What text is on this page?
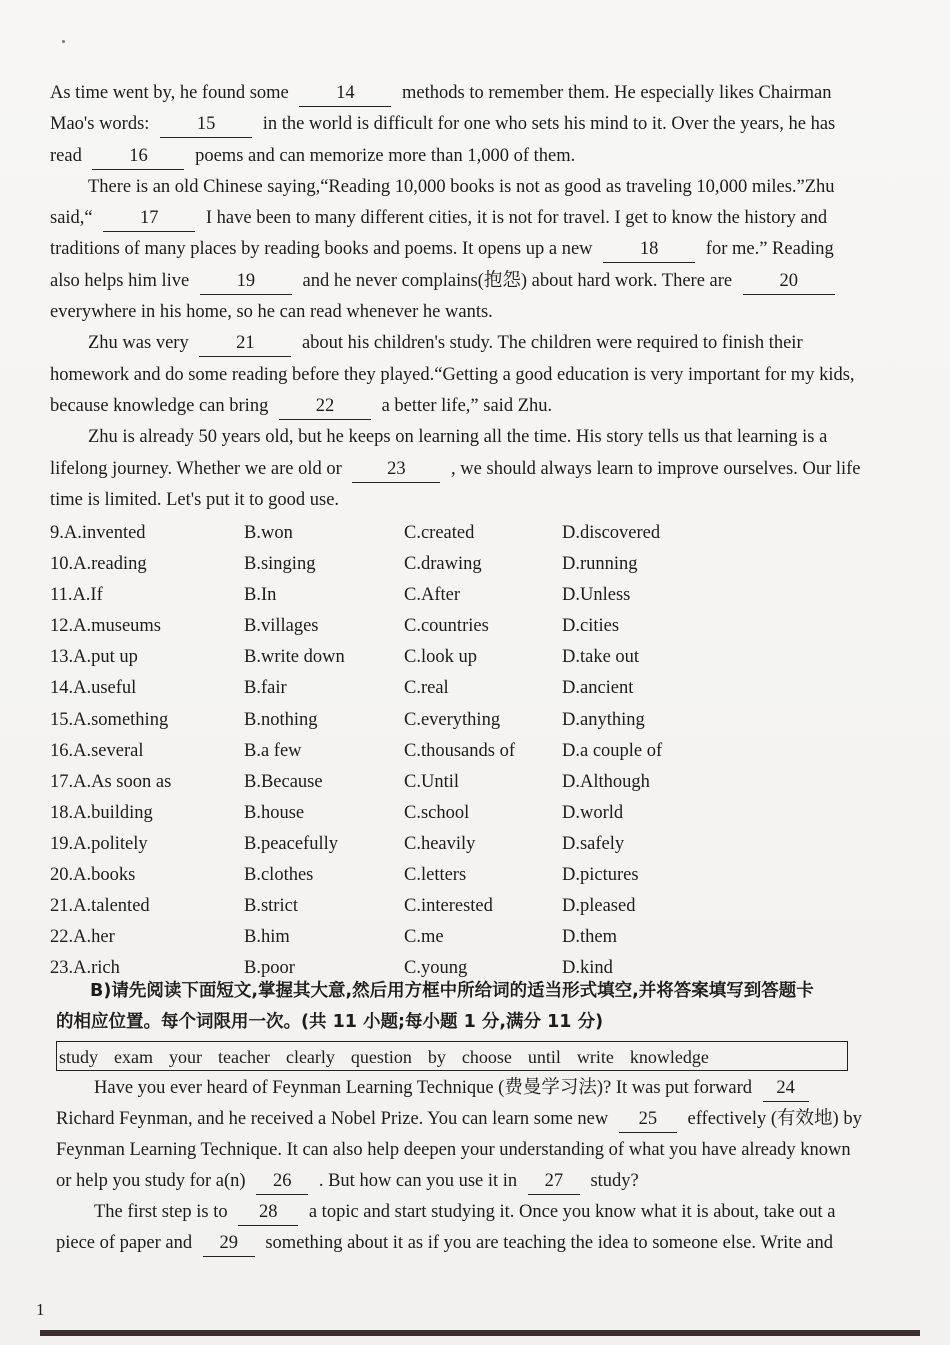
As time went by, he found some	14	methods to remember them. He especially likes Chairman
Mao's words:	15	in the world is difficult for one who sets his mind to it. Over the years, he has
read	16	poems and can memorize more than 1,000 of them.
There is an old Chinese saying,“Reading 10,000 books is not as good as traveling 10,000 miles.”Zhu
said,“	17	I have been to many different cities, it is not for travel. I get to know the history and
traditions of many places by reading books and poems. It opens up a new	18	for me.” Reading
also helps him live	19	and he never complains(抱怨) about hard work. There are	20
everywhere in his home, so he can read whenever he wants.
Zhu was very	21	about his children's study. The children were required to finish their
homework and do some reading before they played.“Getting a good education is very important for my kids,
because knowledge can bring	22	a better life,” said Zhu.
Zhu is already 50 years old, but he keeps on learning all the time. His story tells us that learning is a
lifelong journey. Whether we are old or 23 , we should always learn to improve ourselves. Our life
time is limited. Let's put it to good use.
9.A.invented	B.won	C.created	D.discovered
10.A.reading	B.singing	C.drawing	D.running
11.A.If	B.In	C.After	D.Unless
12.A.museums	B.villages	C.countries	D.cities
13.A.put up	B.write down	C.look up	D.take out
14.A.useful	B.fair	C.real	D.ancient
15.A.something	B.nothing	C.everything	D.anything
16.A.several	B.a few	C.thousands of	D.a couple of
17.A.As soon as	B.Because	C.Until	D.Although
18.A.building	B.house	C.school	D.world
19.A.politely	B.peacefully	C.heavily	D.safely
20.A.books	B.clothes	C.letters	D.pictures
21.A.talented	B.strict	C.interested	D.pleased
22.A.her	B.him	C.me	D.them
23.A.rich	B.poor	C.young	D.kind
B)请先阅读下面短文,掌握其大意,然后用方框中所给词的适当形式填空,并将答案填写到答题卡
的相应位置。每个词限用一次。(共 11 小题;每小题 1 分,满分 11 分)
study exam your teacher clearly question by choose until write knowledge
Have you ever heard of Feynman Learning Technique (费曼学习法)? It was put forward 24
Richard Feynman, and he received a Nobel Prize. You can learn some new 25 effectively (有效地) by
Feynman Learning Technique. It can also help deepen your understanding of what you have already known
or help you study for a(n) 26 . But how can you use it in 27 study?
The first step is to 28 a topic and start studying it. Once you know what it is about, take out a
piece of paper and 29 something about it as if you are teaching the idea to someone else. Write and
1
